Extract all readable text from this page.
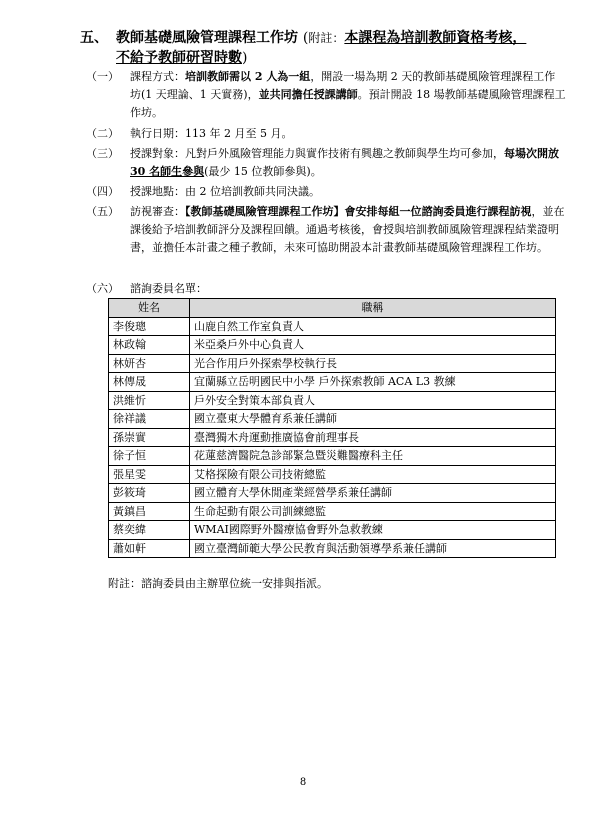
五、 教師基礎風險管理課程工作坊 (附註：本課程為培訓教師資格考核，
不給予教師研習時數)
（一）	課程方式：培訓教師需以 2 人為一組，開設一場為期 2 天的教師基礎風險管理課程工作坊(1 天理論、1 天實務)，並共同擔任授課講師。預計開設 18 場教師基礎風險管理課程工作坊。
（二）	執行日期：113 年 2 月至 5 月。
（三）	授課對象：凡對戶外風險管理能力與實作技術有興趣之教師與學生均可參加，每場次開放 30 名師生參與(最少 15 位教師參與)。
（四）	授課地點：由 2 位培訓教師共同決議。
（五）	訪視審查：【教師基礎風險管理課程工作坊】會安排每組一位諮詢委員進行課程訪視，並在課後給予培訓教師評分及課程回饋。通過考核後，會授與培訓教師風險管理課程結業證明書，並擔任本計畫之種子教師，未來可協助開設本計畫教師基礎風險管理課程工作坊。
（六）	諮詢委員名單：
姓名	職稱
李俊璁	山鹿自然工作室負責人
林政翰	米亞桑戶外中心負責人
林妍杏	光合作用戶外探索學校執行長
林傳晟	宜蘭縣立岳明國民中小學 戶外探索教師 ACA L3 教練
洪維忻	戶外安全對策本部負責人
徐祥議	國立臺東大學體育系兼任講師
孫崇實	臺灣獨木舟運動推廣協會前理事長
徐子恒	花蓮慈濟醫院急診部緊急暨災難醫療科主任
張星雯	艾格探險有限公司技術總監
彭筱琦	國立體育大學休閒產業經營學系兼任講師
黃鎮昌	生命起動有限公司訓練總監
蔡奕緯	WMAI國際野外醫療協會野外急救教練
蕭如軒	國立臺灣師範大學公民教育與活動領導學系兼任講師
附註：諮詢委員由主辦單位統一安排與指派。
8
